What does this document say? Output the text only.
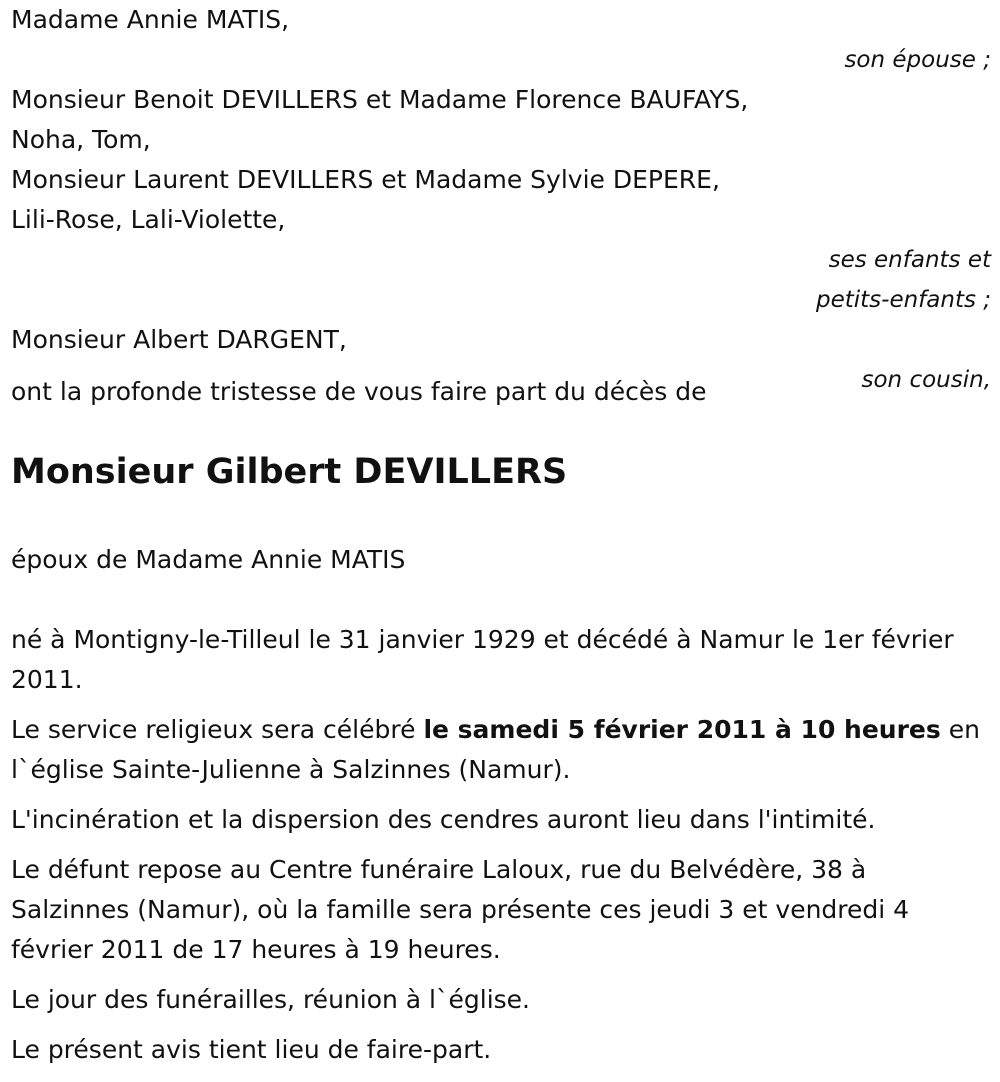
Madame Annie MATIS,
son épouse ;
Monsieur Benoit DEVILLERS et Madame Florence BAUFAYS,
Noha, Tom,
Monsieur Laurent DEVILLERS et Madame Sylvie DEPERE,
Lili-Rose, Lali-Violette,
ses enfants et
petits-enfants ;
Monsieur Albert DARGENT,
son cousin,
ont la profonde tristesse de vous faire part du décès de
Monsieur Gilbert DEVILLERS
époux de Madame Annie MATIS

né à Montigny-le-Tilleul le 31 janvier 1929 et décédé à Namur le 1er février 2011.

Le service religieux sera célébré le samedi 5 février 2011 à 10 heures en l`église Sainte-Julienne à Salzinnes (Namur).

L'incinération et la dispersion des cendres auront lieu dans l'intimité.

Le défunt repose au Centre funéraire Laloux, rue du Belvédère, 38 à Salzinnes (Namur), où la famille sera présente ces jeudi 3 et vendredi 4 février 2011 de 17 heures à 19 heures.

Le jour des funérailles, réunion à l`église.

Le présent avis tient lieu de faire-part.
